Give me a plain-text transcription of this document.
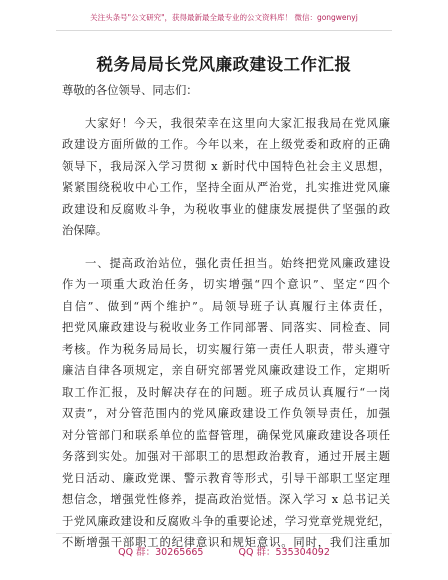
关注头条号"公文研究"，获得最新最全最专业的公文资料库！ 微信：gongwenyj
税务局局长党风廉政建设工作汇报
尊敬的各位领导、同志们：
大家好！今天，我很荣幸在这里向大家汇报我局在党风廉
政建设方面所做的工作。今年以来，在上级党委和政府的正确
领导下，我局深入学习贯彻 x 新时代中国特色社会主义思想，
紧紧围绕税收中心工作，坚持全面从严治党，扎实推进党风廉
政建设和反腐败斗争，为税收事业的健康发展提供了坚强的政
治保障。
一、提高政治站位，强化责任担当。始终把党风廉政建设
作为一项重大政治任务，切实增强“四个意识”、坚定“四个
自信”、做到“两个维护”。局领导班子认真履行主体责任，
把党风廉政建设与税收业务工作同部署、同落实、同检查、同
考核。作为税务局局长，切实履行第一责任人职责，带头遵守
廉洁自律各项规定，亲自研究部署党风廉政建设工作，定期听
取工作汇报，及时解决存在的问题。班子成员认真履行“一岗
双责”，对分管范围内的党风廉政建设工作负领导责任，加强
对分管部门和联系单位的监督管理，确保党风廉政建设各项任
务落到实处。加强对干部职工的思想政治教育，通过开展主题
党日活动、廉政党课、警示教育等形式，引导干部职工坚定理
想信念，增强党性修养，提高政治觉悟。深入学习 x 总书记关
于党风廉政建设和反腐败斗争的重要论述，学习党章党规党纪，
不断增强干部职工的纪律意识和规矩意识。同时，我们注重加
QQ 群：30265665	QQ 群：535304092
